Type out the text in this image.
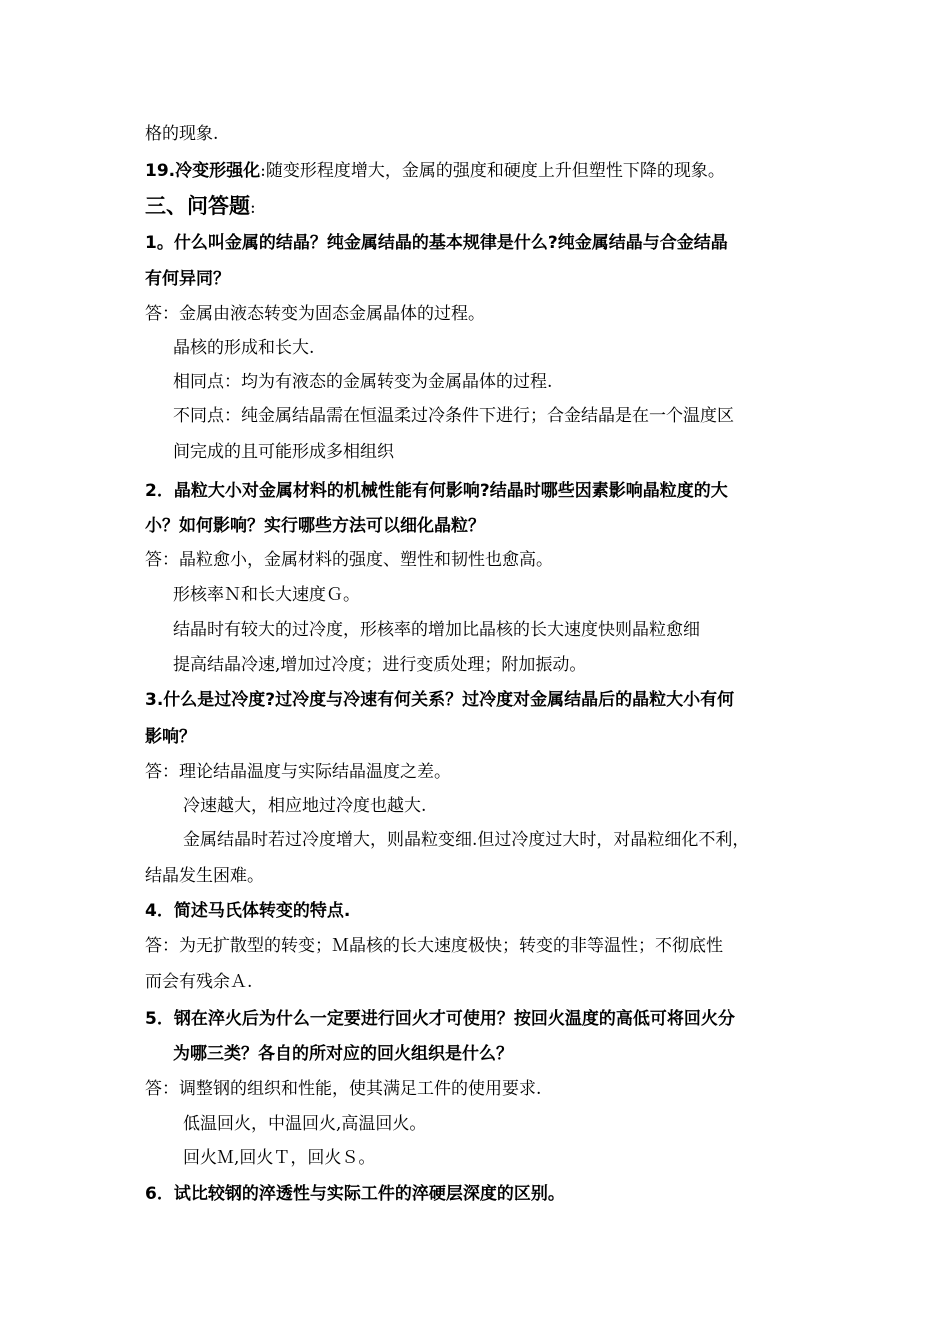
格的现象.
19.冷变形强化:随变形程度增大，金属的强度和硬度上升但塑性下降的现象。
三、问答题:
1。什么叫金属的结晶？纯金属结晶的基本规律是什么?纯金属结晶与合金结晶
有何异同？
答：金属由液态转变为固态金属晶体的过程。
晶核的形成和长大.
相同点：均为有液态的金属转变为金属晶体的过程.
不同点：纯金属结晶需在恒温柔过冷条件下进行；合金结晶是在一个温度区
间完成的且可能形成多相组织
2．晶粒大小对金属材料的机械性能有何影响?结晶时哪些因素影响晶粒度的大
小？如何影响？实行哪些方法可以细化晶粒？
答：晶粒愈小，金属材料的强度、塑性和韧性也愈高。
形核率Ｎ和长大速度Ｇ。
结晶时有较大的过冷度，形核率的增加比晶核的长大速度快则晶粒愈细
提高结晶冷速,增加过冷度；进行变质处理；附加振动。
3.什么是过冷度?过冷度与冷速有何关系？过冷度对金属结晶后的晶粒大小有何
影响？
答：理论结晶温度与实际结晶温度之差。
冷速越大，相应地过冷度也越大.
金属结晶时若过冷度增大，则晶粒变细.但过冷度过大时，对晶粒细化不利，
结晶发生困难。
4．简述马氏体转变的特点.
答：为无扩散型的转变；Ｍ晶核的长大速度极快；转变的非等温性；不彻底性
而会有残余Ａ.
5．钢在淬火后为什么一定要进行回火才可使用？按回火温度的高低可将回火分
为哪三类？各自的所对应的回火组织是什么？
答：调整钢的组织和性能，使其满足工件的使用要求.
低温回火，中温回火,高温回火。
回火Ｍ,回火Ｔ，回火Ｓ。
6．试比较钢的淬透性与实际工件的淬硬层深度的区别。
